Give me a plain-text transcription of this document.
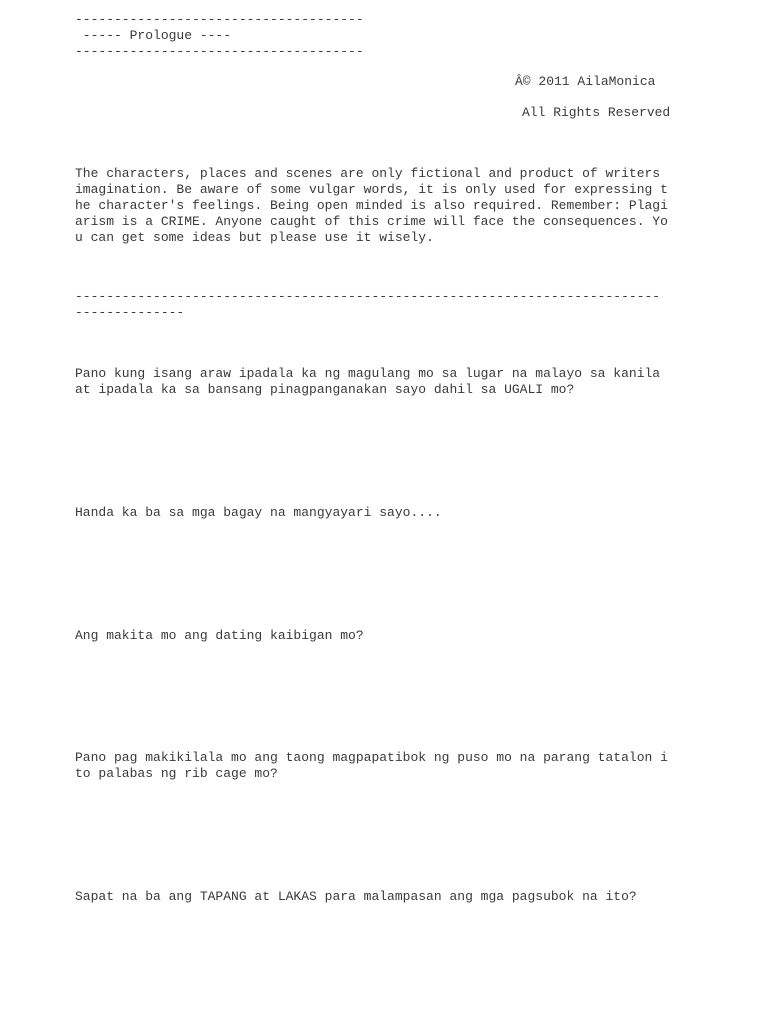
-------------------------------------
----- Prologue ----
-------------------------------------
Â© 2011 AilaMonica
All Rights Reserved
The characters, places and scenes are only fictional and product of writers imagination. Be aware of some vulgar words, it is only used for expressing the character's feelings. Being open minded is also required. Remember: Plagiarism is a CRIME. Anyone caught of this crime will face the consequences. You can get some ideas but please use it wisely.
---------------------------------------------------------------------------
--------------
Pano kung isang araw ipadala ka ng magulang mo sa lugar na malayo sa kanila at ipadala ka sa bansang pinagpanganakan sayo dahil sa UGALI mo?
Handa ka ba sa mga bagay na mangyayari sayo....
Ang makita mo ang dating kaibigan mo?
Pano pag makikilala mo ang taong magpapatibok ng puso mo na parang tatalon ito palabas ng rib cage mo?
Sapat na ba ang TAPANG at LAKAS para malampasan ang mga pagsubok na ito?
